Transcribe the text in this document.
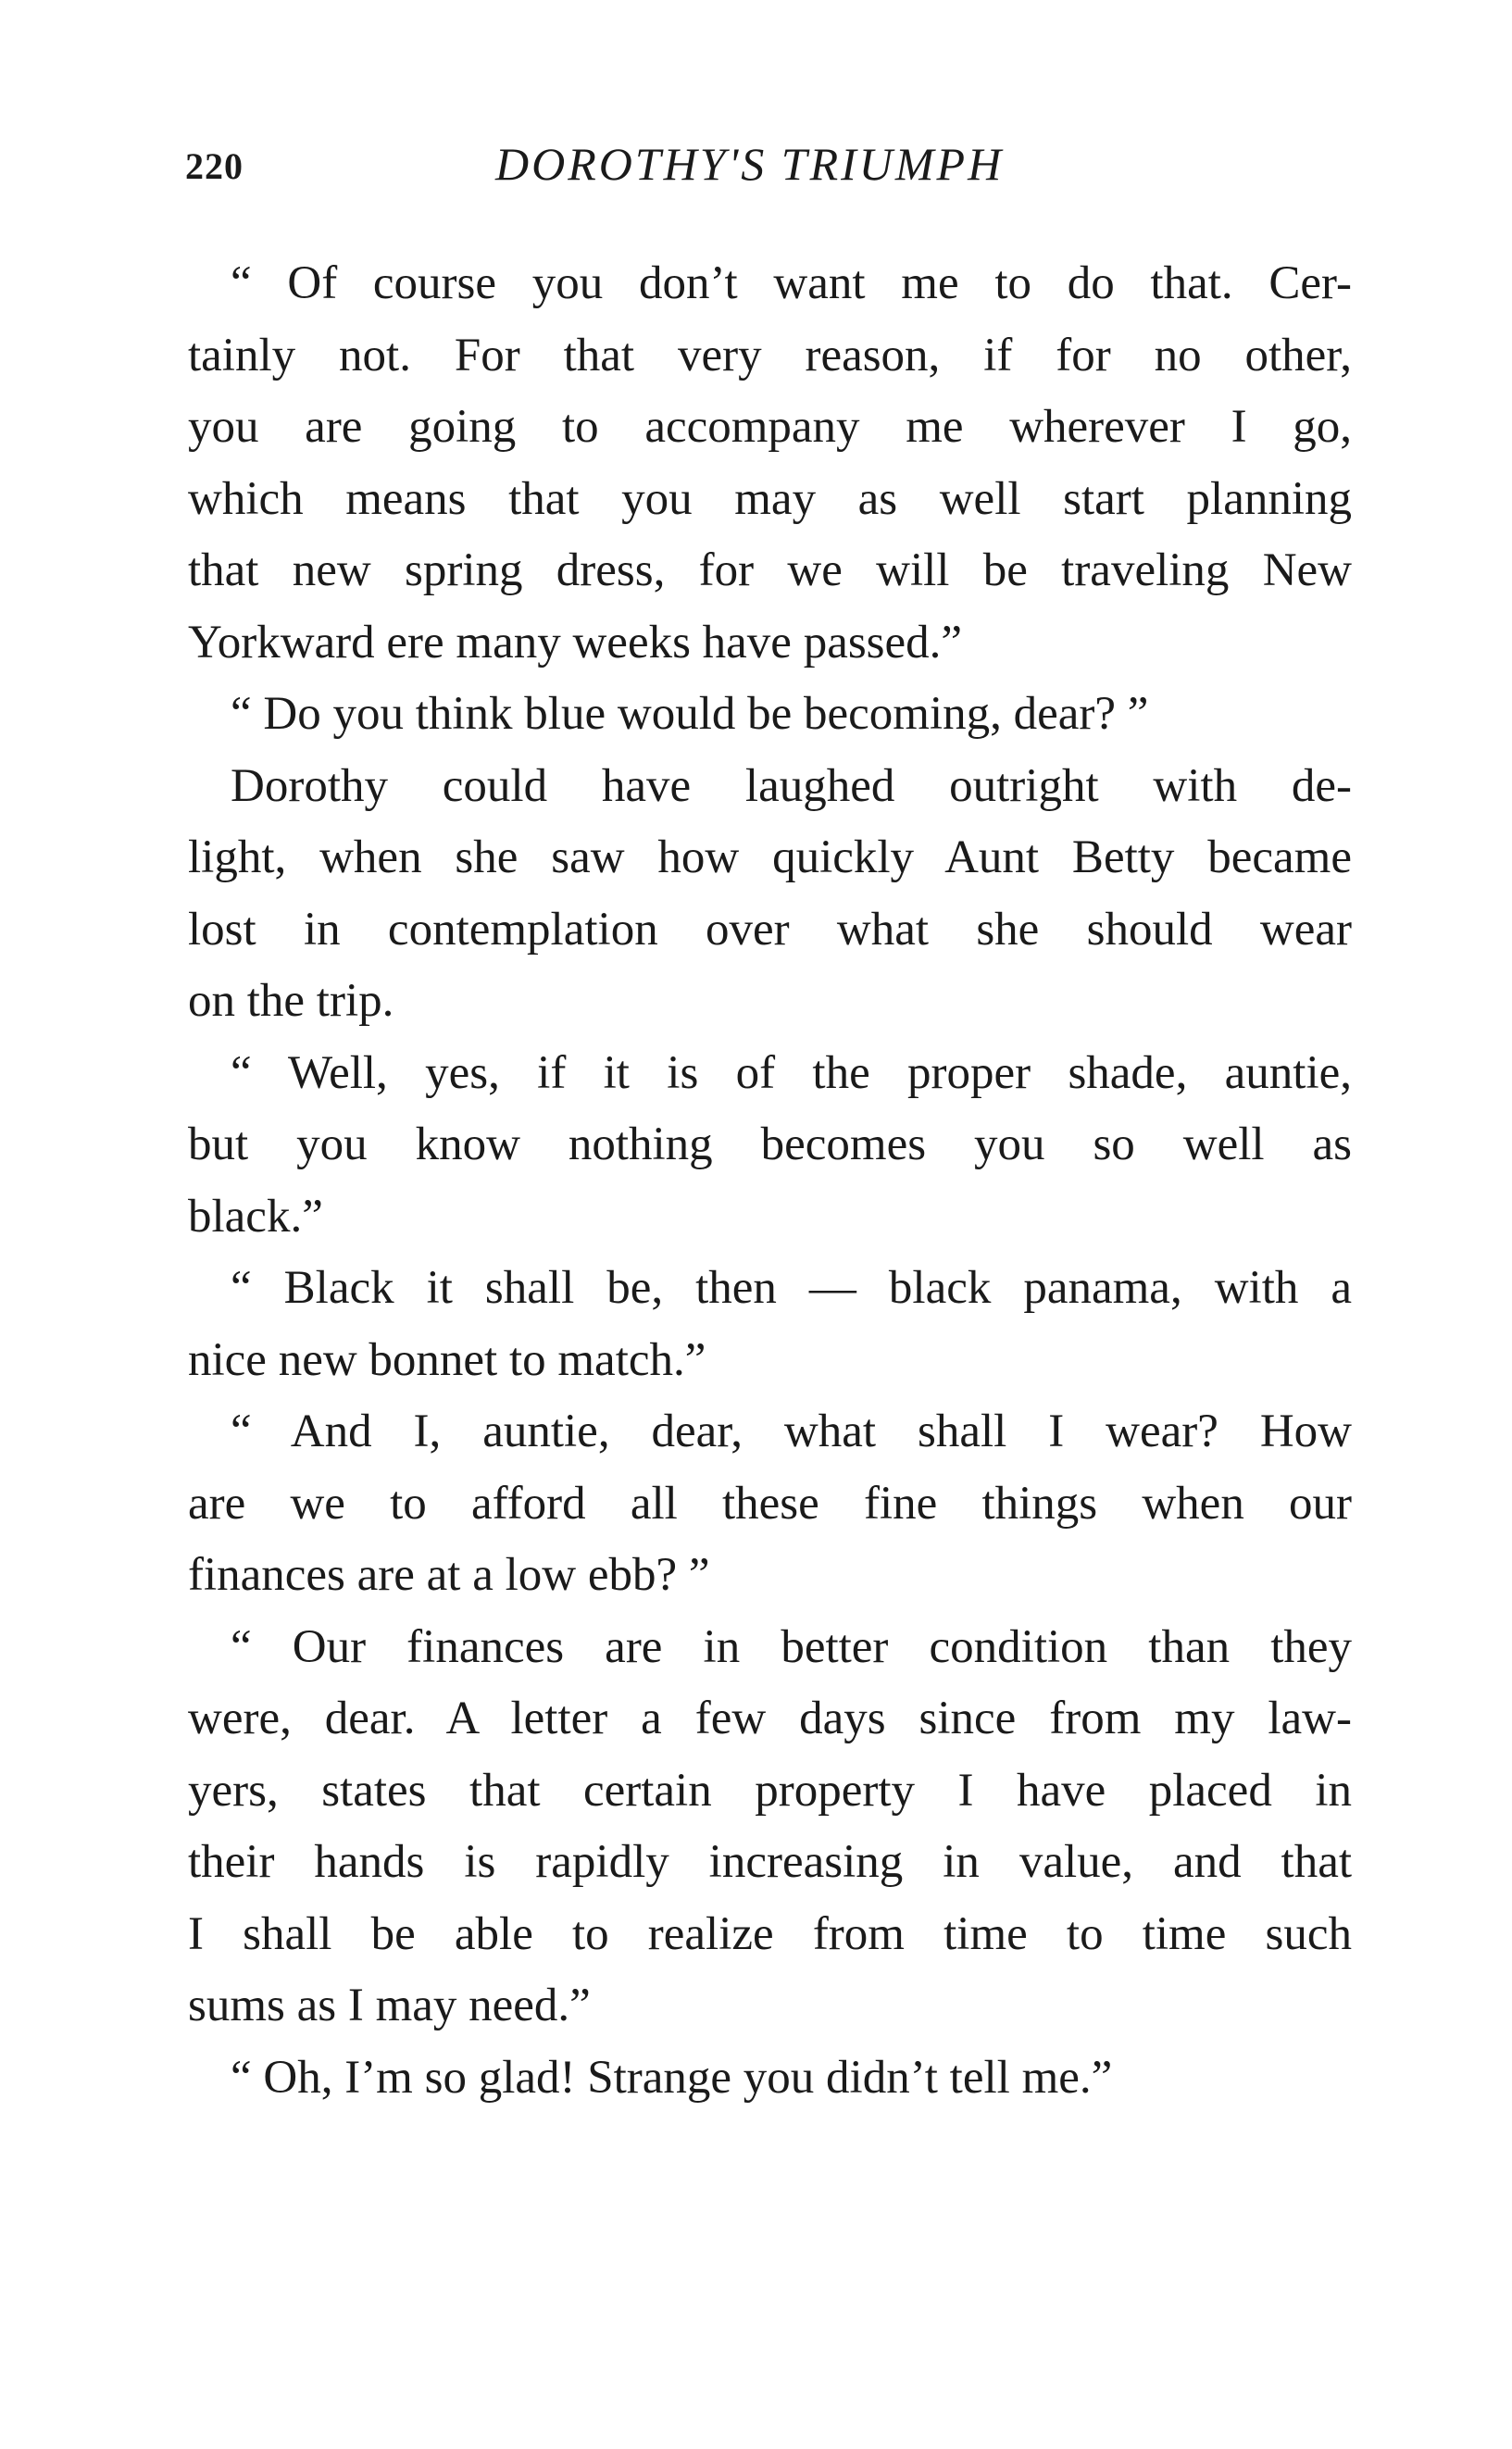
220	DOROTHY'S TRIUMPH
“ Of course you don’t want me to do that. Cer-
tainly not. For that very reason, if for no other,
you are going to accompany me wherever I go,
which means that you may as well start planning
that new spring dress, for we will be traveling New
Yorkward ere many weeks have passed.”
“ Do you think blue would be becoming, dear? ”
Dorothy could have laughed outright with de-
light, when she saw how quickly Aunt Betty became
lost in contemplation over what she should wear
on the trip.
“ Well, yes, if it is of the proper shade, auntie,
but you know nothing becomes you so well as
black.”
“ Black it shall be, then — black panama, with a
nice new bonnet to match.”
“ And I, auntie, dear, what shall I wear? How
are we to afford all these fine things when our
finances are at a low ebb? ”
“ Our finances are in better condition than they
were, dear. A letter a few days since from my law-
yers, states that certain property I have placed in
their hands is rapidly increasing in value, and that
I shall be able to realize from time to time such
sums as I may need.”
“ Oh, I’m so glad! Strange you didn’t tell me.”
